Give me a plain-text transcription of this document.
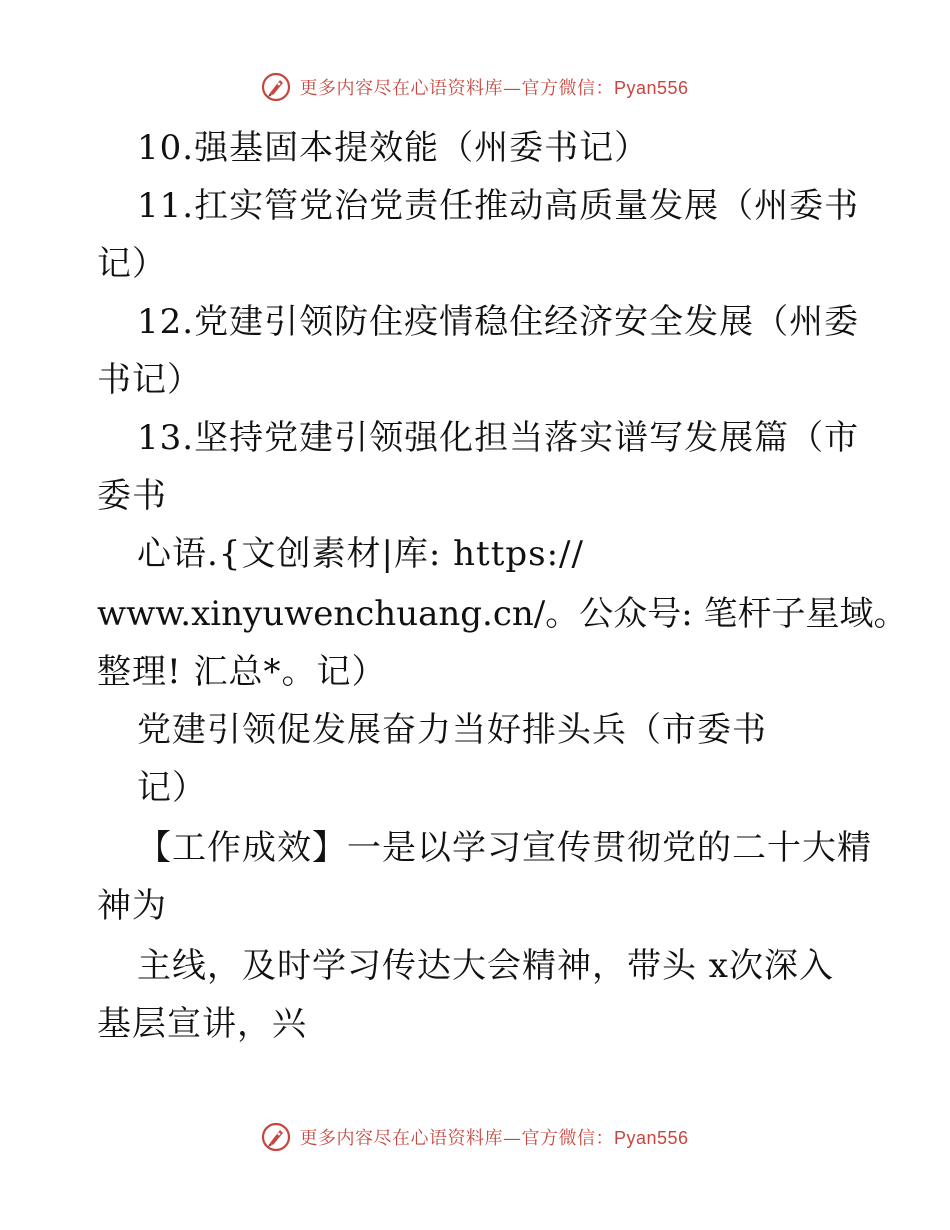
更多内容尽在心语资料库—官方微信：Pyan556
10.强基固本提效能（州委书记）
11.扛实管党治党责任推动高质量发展（州委书
记）
12.党建引领防住疫情稳住经济安全发展（州委
书记）
13.坚持党建引领强化担当落实谱写发展篇（市
委书
心语.{文创素材|库: https://
www.xinyuwenchuang.cn/。公众号: 笔杆子星域。
整理! 汇总*。记）
党建引领促发展奋力当好排头兵（市委书
记）
【工作成效】一是以学习宣传贯彻党的二十大精
神为
主线，及时学习传达大会精神，带头 x次深入
基层宣讲，兴
更多内容尽在心语资料库—官方微信：Pyan556
